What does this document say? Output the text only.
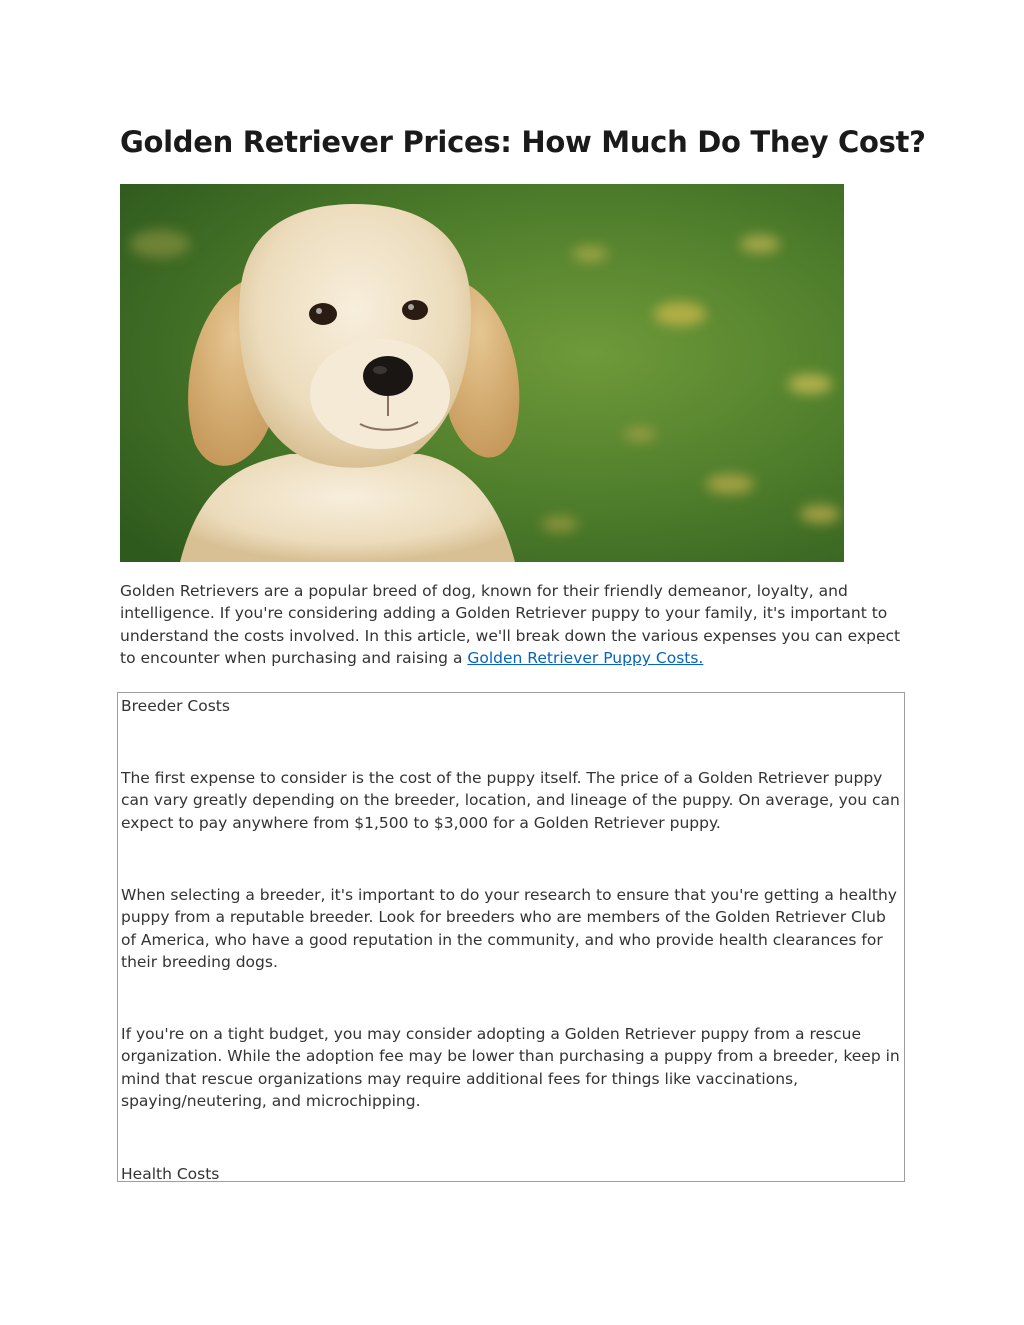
Golden Retriever Prices: How Much Do They Cost?

Golden Retrievers are a popular breed of dog, known for their friendly demeanor, loyalty, and intelligence. If you're considering adding a Golden Retriever puppy to your family, it's important to understand the costs involved. In this article, we'll break down the various expenses you can expect to encounter when purchasing and raising a Golden Retriever Puppy Costs.

Breeder Costs

The first expense to consider is the cost of the puppy itself. The price of a Golden Retriever puppy can vary greatly depending on the breeder, location, and lineage of the puppy. On average, you can expect to pay anywhere from $1,500 to $3,000 for a Golden Retriever puppy.

When selecting a breeder, it's important to do your research to ensure that you're getting a healthy puppy from a reputable breeder. Look for breeders who are members of the Golden Retriever Club of America, who have a good reputation in the community, and who provide health clearances for their breeding dogs.

If you're on a tight budget, you may consider adopting a Golden Retriever puppy from a rescue organization. While the adoption fee may be lower than purchasing a puppy from a breeder, keep in mind that rescue organizations may require additional fees for things like vaccinations, spaying/neutering, and microchipping.

Health Costs
